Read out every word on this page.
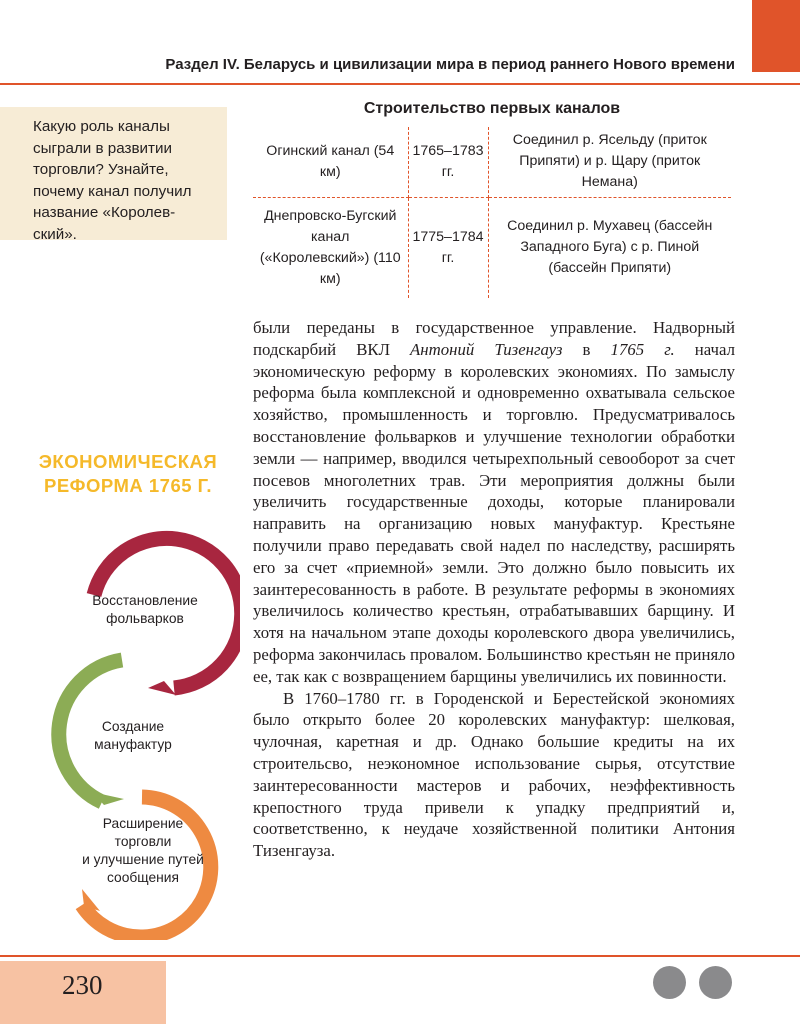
Раздел IV. Беларусь и цивилизации мира в период раннего Нового времени
Какую роль каналы сыграли в развитии торговли? Узнайте, почему канал получил название «Королев-ский».
Строительство первых каналов
Огинский канал (54 км)	1765–1783 гг.	Соединил р. Ясельду (приток Припяти) и р. Щару (приток Немана)
Днепровско-Бугский канал («Королевский») (110 км)	1775–1784 гг.	Соединил р. Мухавец (бассейн Западного Буга) с р. Пиной (бассейн Припяти)

были переданы в государственное управление. Надворный подскарбий ВКЛ Антоний Тизенгауз в 1765 г. начал экономическую реформу в королевских экономиях. По замыслу реформа была комплексной и одновременно охватывала сельское хозяйство, промышленность и торговлю. Предусматривалось восстановление фольварков и улучшение технологии обработки земли — например, вводился четырехпольный севооборот за счет посевов многолетних трав. Эти мероприятия должны были увеличить государственные доходы, которые планировали направить на организацию новых мануфактур. Крестьяне получили право передавать свой надел по наследству, расширять его за счет «приемной» земли. Это должно было повысить их заинтересованность в работе. В результате реформы в экономиях увеличилось количество крестьян, отрабатывавших барщину. И хотя на начальном этапе доходы королевского двора увеличились, реформа закончилась провалом. Большинство крестьян не приняло ее, так как с возвращением барщины увеличились их повинности.

В 1760–1780 гг. в Городенской и Берестейской экономиях было открыто более 20 королевских мануфактур: шелковая, чулочная, каретная и др. Однако большие кредиты на их строительсво, неэкономное использование сырья, отсутствие заинтересованности мастеров и рабочих, неэффективность крепостного труда привели к упадку предприятий и, соответственно, к неудаче хозяйственной политики Антония Тизенгауза.

ЭКОНОМИЧЕСКАЯ
РЕФОРМА 1765 Г.
Восстановление
фольварков
Создание
мануфактур
Расширение
торговли
и улучшение путей
сообщения
230
